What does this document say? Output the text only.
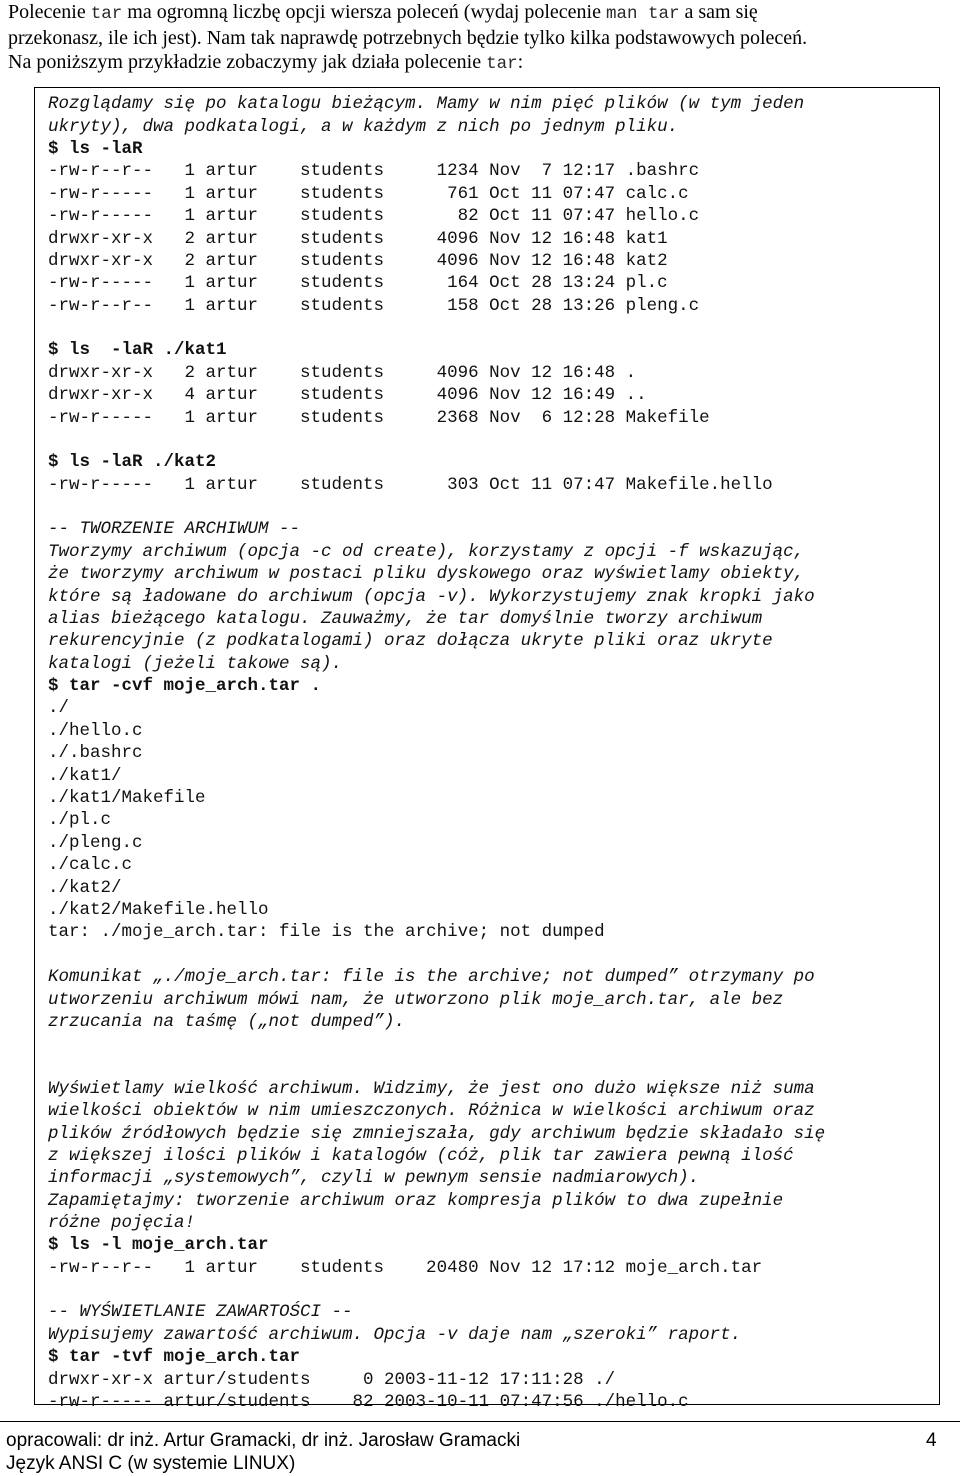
Polecenie tar ma ogromną liczbę opcji wiersza poleceń (wydaj polecenie man tar a sam się
przekonasz, ile ich jest). Nam tak naprawdę potrzebnych będzie tylko kilka podstawowych poleceń.
Na poniższym przykładzie zobaczymy jak działa polecenie tar:
Rozglądamy się po katalogu bieżącym. Mamy w nim pięć plików (w tym jeden
ukryty), dwa podkatalogi, a w każdym z nich po jednym pliku.
$ ls -laR
-rw-r--r--   1 artur    students     1234 Nov  7 12:17 .bashrc
-rw-r-----   1 artur    students      761 Oct 11 07:47 calc.c
-rw-r-----   1 artur    students       82 Oct 11 07:47 hello.c
drwxr-xr-x   2 artur    students     4096 Nov 12 16:48 kat1
drwxr-xr-x   2 artur    students     4096 Nov 12 16:48 kat2
-rw-r-----   1 artur    students      164 Oct 28 13:24 pl.c
-rw-r--r--   1 artur    students      158 Oct 28 13:26 pleng.c
$ ls  -laR ./kat1
drwxr-xr-x   2 artur    students     4096 Nov 12 16:48 .
drwxr-xr-x   4 artur    students     4096 Nov 12 16:49 ..
-rw-r-----   1 artur    students     2368 Nov  6 12:28 Makefile
$ ls -laR ./kat2
-rw-r-----   1 artur    students      303 Oct 11 07:47 Makefile.hello
-- TWORZENIE ARCHIWUM --
Tworzymy archiwum (opcja -c od create), korzystamy z opcji -f wskazując,
że tworzymy archiwum w postaci pliku dyskowego oraz wyświetlamy obiekty,
które są ładowane do archiwum (opcja -v). Wykorzystujemy znak kropki jako
alias bieżącego katalogu. Zauważmy, że tar domyślnie tworzy archiwum
rekurencyjnie (z podkatalogami) oraz dołącza ukryte pliki oraz ukryte
katalogi (jeżeli takowe są).
$ tar -cvf moje_arch.tar .
./
./hello.c
./.bashrc
./kat1/
./kat1/Makefile
./pl.c
./pleng.c
./calc.c
./kat2/
./kat2/Makefile.hello
tar: ./moje_arch.tar: file is the archive; not dumped
Komunikat „./moje_arch.tar: file is the archive; not dumped” otrzymany po
utworzeniu archiwum mówi nam, że utworzono plik moje_arch.tar, ale bez
zrzucania na taśmę („not dumped”).
Wyświetlamy wielkość archiwum. Widzimy, że jest ono dużo większe niż suma
wielkości obiektów w nim umieszczonych. Różnica w wielkości archiwum oraz
plików źródłowych będzie się zmniejszała, gdy archiwum będzie składało się
z większej ilości plików i katalogów (cóż, plik tar zawiera pewną ilość
informacji „systemowych”, czyli w pewnym sensie nadmiarowych).
Zapamiętajmy: tworzenie archiwum oraz kompresja plików to dwa zupełnie
różne pojęcia!
$ ls -l moje_arch.tar
-rw-r--r--   1 artur    students    20480 Nov 12 17:12 moje_arch.tar
-- WYŚWIETLANIE ZAWARTOŚCI --
Wypisujemy zawartość archiwum. Opcja -v daje nam „szeroki” raport.
$ tar -tvf moje_arch.tar
drwxr-xr-x artur/students     0 2003-11-12 17:11:28 ./
-rw-r----- artur/students    82 2003-10-11 07:47:56 ./hello.c
opracowali: dr inż. Artur Gramacki, dr inż. Jarosław Gramacki	4
Język ANSI C (w systemie LINUX)
